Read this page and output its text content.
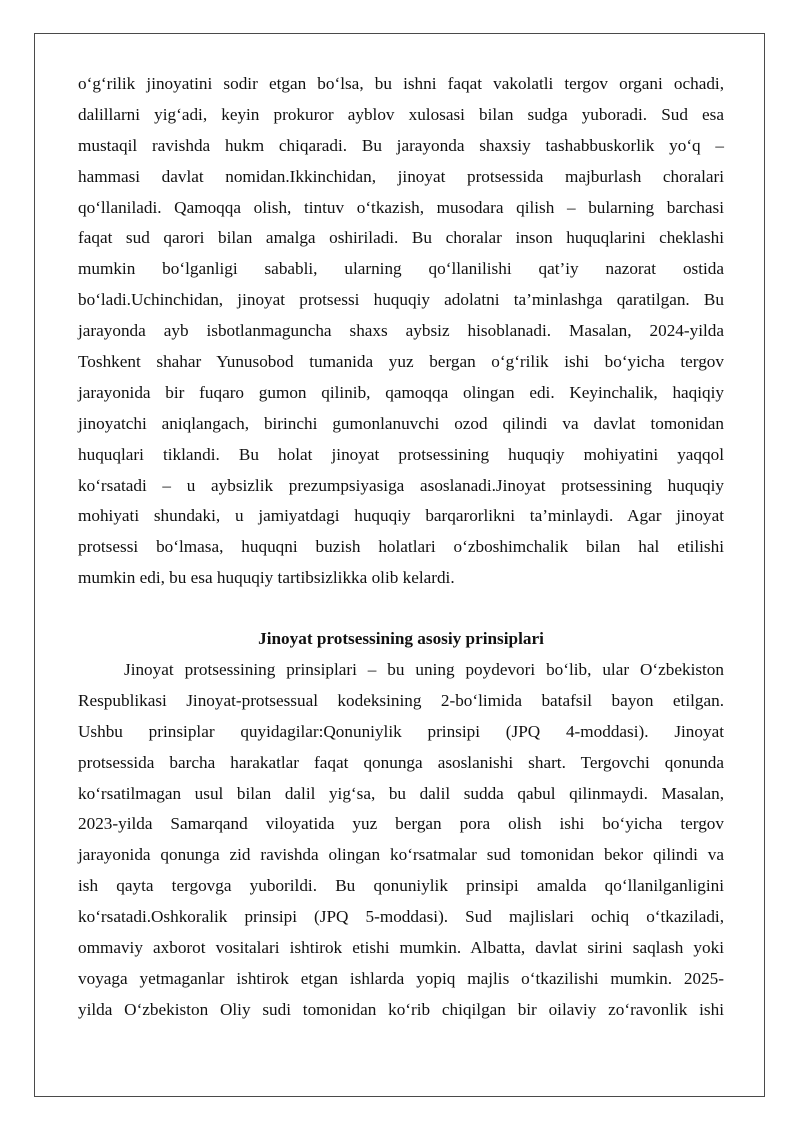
o‘g‘rilik jinoyatini sodir etgan bo‘lsa, bu ishni faqat vakolatli tergov organi ochadi,
dalillarni yig‘adi, keyin prokuror ayblov xulosasi bilan sudga yuboradi. Sud esa
mustaqil ravishda hukm chiqaradi. Bu jarayonda shaxsiy tashabbuskorlik yo‘q –
hammasi davlat nomidan.Ikkinchidan, jinoyat protsessida majburlash choralari
qo‘llaniladi. Qamoqqa olish, tintuv o‘tkazish, musodara qilish – bularning barchasi
faqat sud qarori bilan amalga oshiriladi. Bu choralar inson huquqlarini cheklashi
mumkin bo‘lganligi sababli, ularning qo‘llanilishi qat’iy nazorat ostida
bo‘ladi.Uchinchidan, jinoyat protsessi huquqiy adolatni ta’minlashga qaratilgan. Bu
jarayonda ayb isbotlanmaguncha shaxs aybsiz hisoblanadi. Masalan, 2024-yilda
Toshkent shahar Yunusobod tumanida yuz bergan o‘g‘rilik ishi bo‘yicha tergov
jarayonida bir fuqaro gumon qilinib, qamoqqa olingan edi. Keyinchalik, haqiqiy
jinoyatchi aniqlangach, birinchi gumonlanuvchi ozod qilindi va davlat tomonidan
huquqlari tiklandi. Bu holat jinoyat protsessining huquqiy mohiyatini yaqqol
ko‘rsatadi – u aybsizlik prezumpsiyasiga asoslanadi.Jinoyat protsessining huquqiy
mohiyati shundaki, u jamiyatdagi huquqiy barqarorlikni ta’minlaydi. Agar jinoyat
protsessi bo‘lmasa, huquqni buzish holatlari o‘zboshimchalik bilan hal etilishi
mumkin edi, bu esa huquqiy tartibsizlikka olib kelardi.
Jinoyat protsessining asosiy prinsiplari
Jinoyat protsessining prinsiplari – bu uning poydevori bo‘lib, ular O‘zbekiston
Respublikasi Jinoyat-protsessual kodeksining 2-bo‘limida batafsil bayon etilgan.
Ushbu prinsiplar quyidagilar:Qonuniylik prinsipi (JPQ 4-moddasi). Jinoyat
protsessida barcha harakatlar faqat qonunga asoslanishi shart. Tergovchi qonunda
ko‘rsatilmagan usul bilan dalil yig‘sa, bu dalil sudda qabul qilinmaydi. Masalan,
2023-yilda Samarqand viloyatida yuz bergan pora olish ishi bo‘yicha tergov
jarayonida qonunga zid ravishda olingan ko‘rsatmalar sud tomonidan bekor qilindi va
ish qayta tergovga yuborildi. Bu qonuniylik prinsipi amalda qo‘llanilganligini
ko‘rsatadi.Oshkoralik prinsipi (JPQ 5-moddasi). Sud majlislari ochiq o‘tkaziladi,
ommaviy axborot vositalari ishtirok etishi mumkin. Albatta, davlat sirini saqlash yoki
voyaga yetmaganlar ishtirok etgan ishlarda yopiq majlis o‘tkazilishi mumkin. 2025-
yilda O‘zbekiston Oliy sudi tomonidan ko‘rib chiqilgan bir oilaviy zo‘ravonlik ishi
